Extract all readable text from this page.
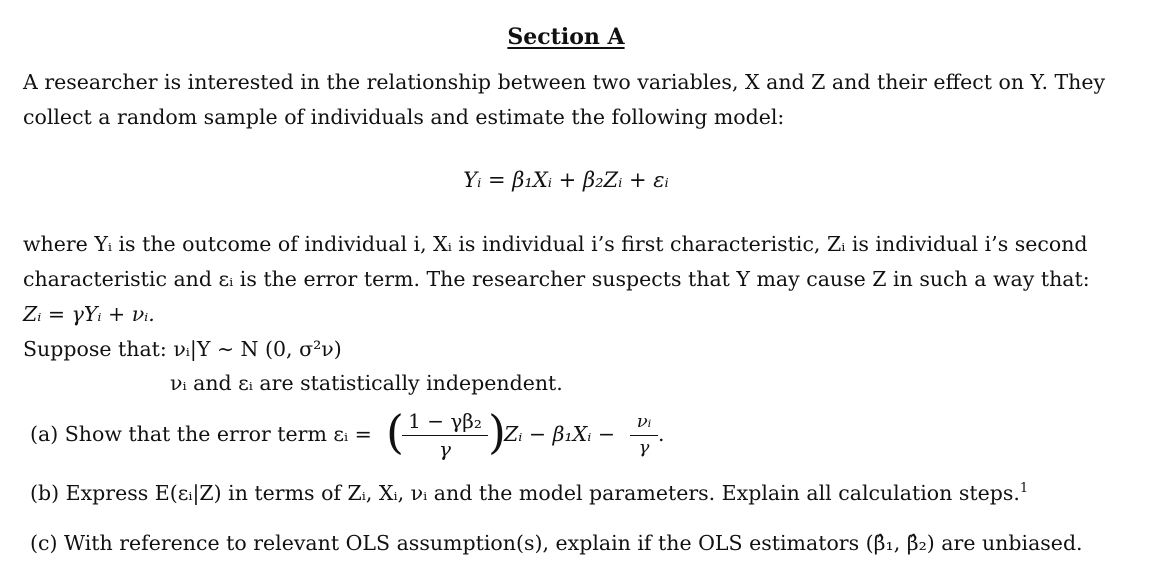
Section A
A researcher is interested in the relationship between two variables, X and Z and their effect on Y. They
collect a random sample of individuals and estimate the following model:
Yᵢ = β₁Xᵢ + β₂Zᵢ + εᵢ
where Yᵢ is the outcome of individual i, Xᵢ is individual i’s first characteristic, Zᵢ is individual i’s second
characteristic and εᵢ is the error term. The researcher suspects that Y may cause Z in such a way that:
Zᵢ = γYᵢ + νᵢ.
Suppose that: νᵢ|Y ∼ N (0, σ²ν)
νᵢ and εᵢ are statistically independent.
(a) Show that the error term εᵢ = ( 1 − γβ₂
γ )
Zᵢ − β₁Xᵢ −
νᵢ
γ
.
(b) Express E(εᵢ|Z) in terms of Zᵢ, Xᵢ, νᵢ and the model parameters. Explain all calculation steps.$^1$
(c) With reference to relevant OLS assumption(s), explain if the OLS estimators (β̂₁, β̂₂) are unbiased.
